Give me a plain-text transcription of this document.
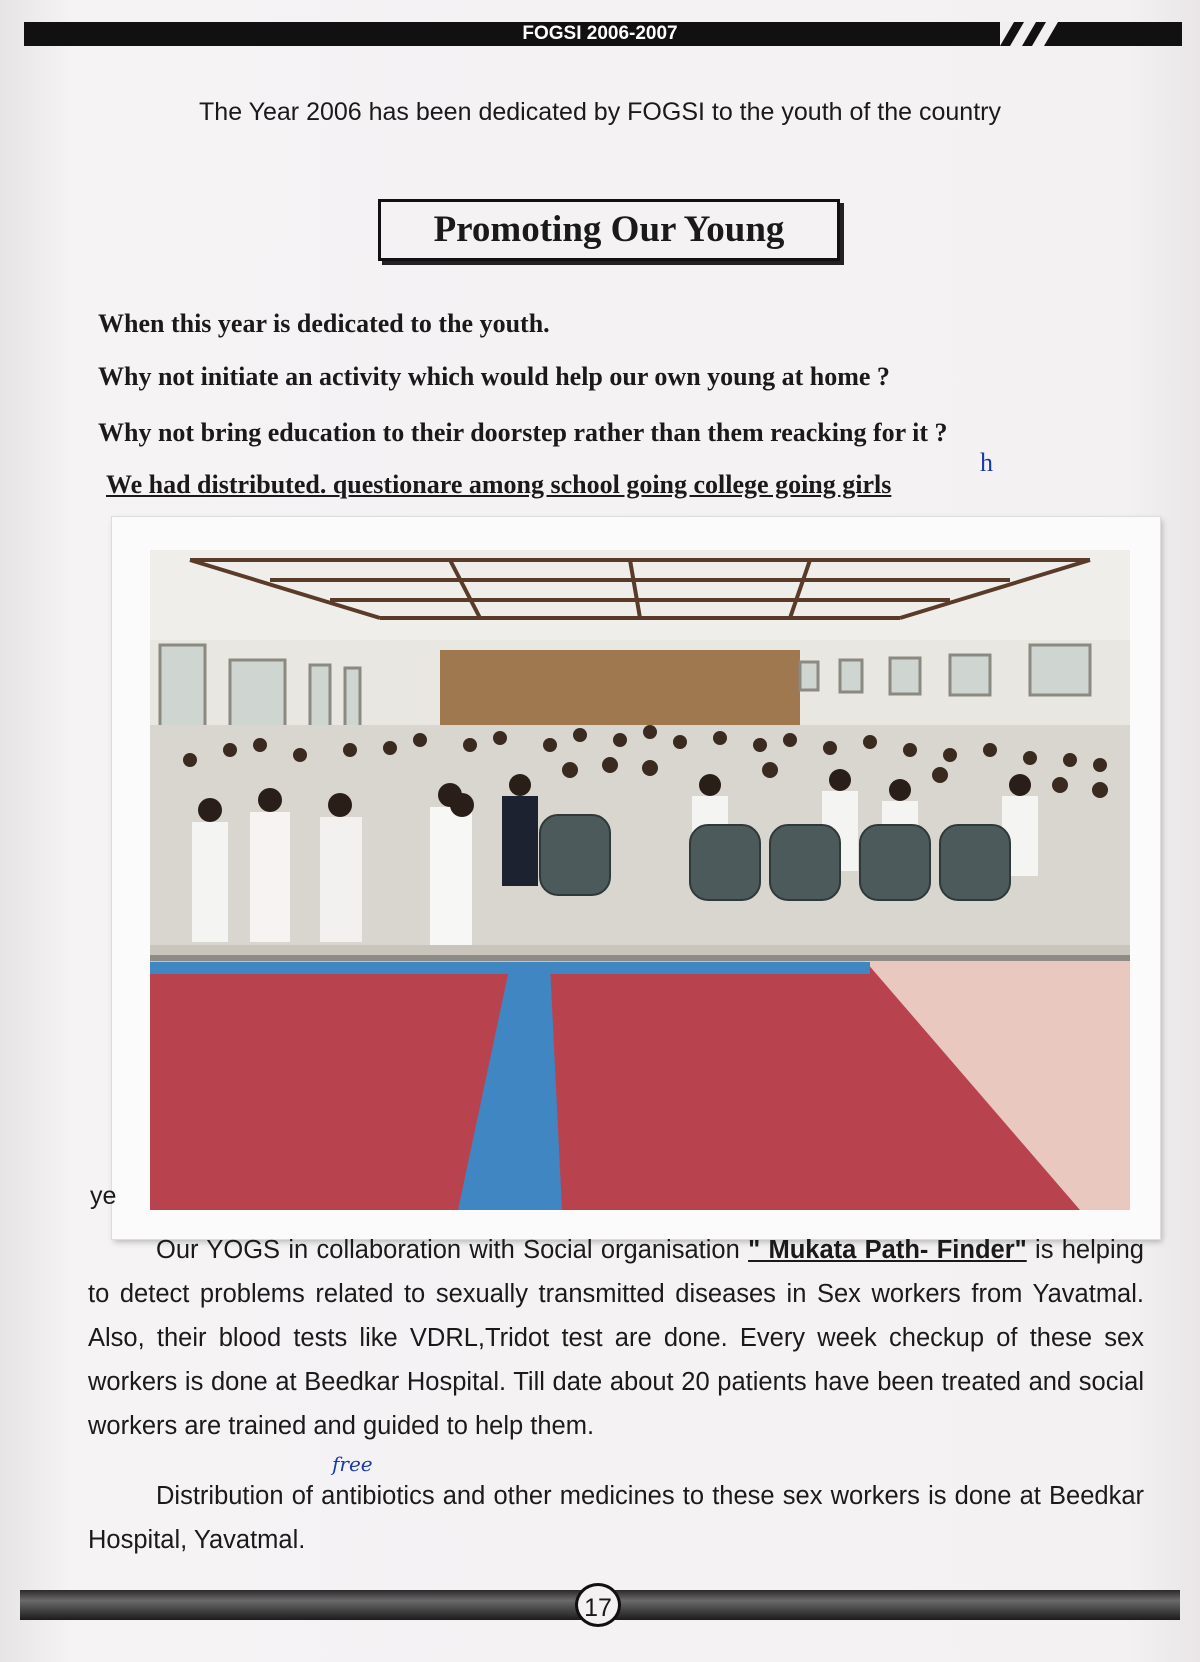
FOGSI 2006-2007
The Year 2006 has been dedicated by FOGSI to the youth of the country
Promoting Our Young
When this year is dedicated to the youth.
Why not initiate an activity which would help our own young at home ?
Why not bring education to their doorstep rather than them reacking for it ?
We had distributed. questionare among school going college going girls
h
ye

Our YOGS in collaboration with Social organisation " Mukata Path- Finder" is helping to detect problems related to sexually transmitted diseases in Sex workers from Yavatmal. Also, their blood tests like VDRL,Tridot test are done. Every week checkup of these sex workers is done at Beedkar Hospital. Till date about 20 patients have been treated and social workers are trained and guided to help them.

free

Distribution of antibiotics and other medicines to these sex workers is done at Beedkar Hospital, Yavatmal.

17
